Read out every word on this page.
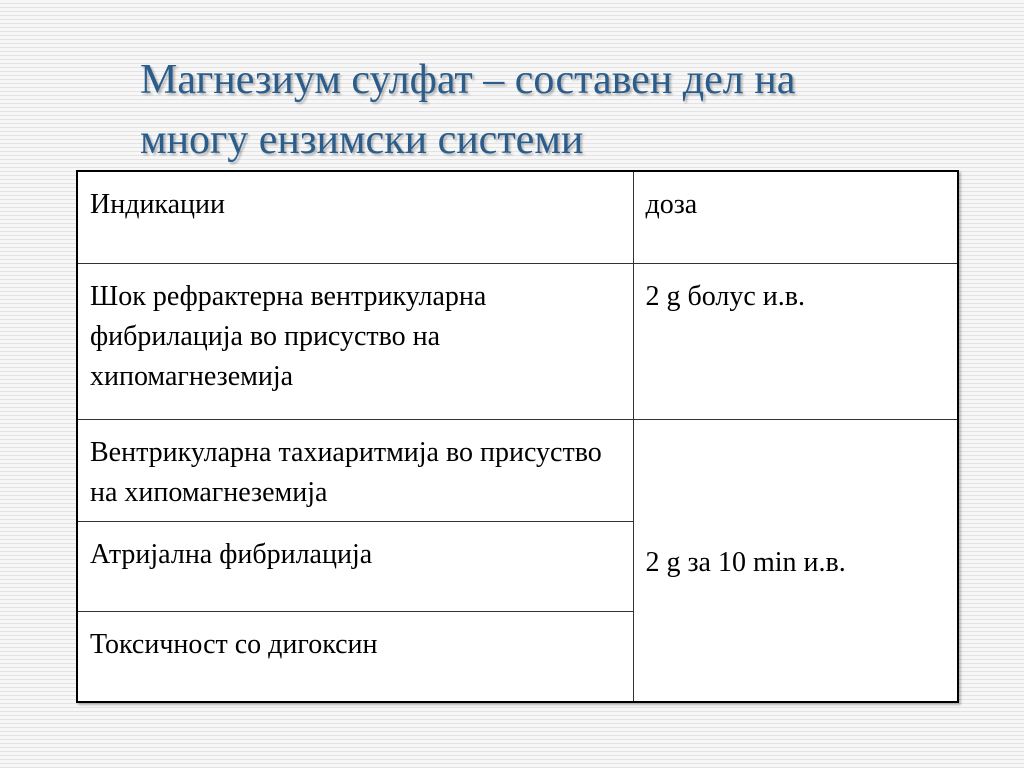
Магнезиум сулфат – составен дел на
многу ензимски системи
Индикации	доза
Шок рефрактерна вентрикуларна фибрилација во присуство на хипомагнеземија	2 g болус и.в.
Вентрикуларна тахиаритмија во присуство на хипомагнеземија	2 g за 10 min и.в.
Атријална фибрилација	
Токсичност со дигоксин	
